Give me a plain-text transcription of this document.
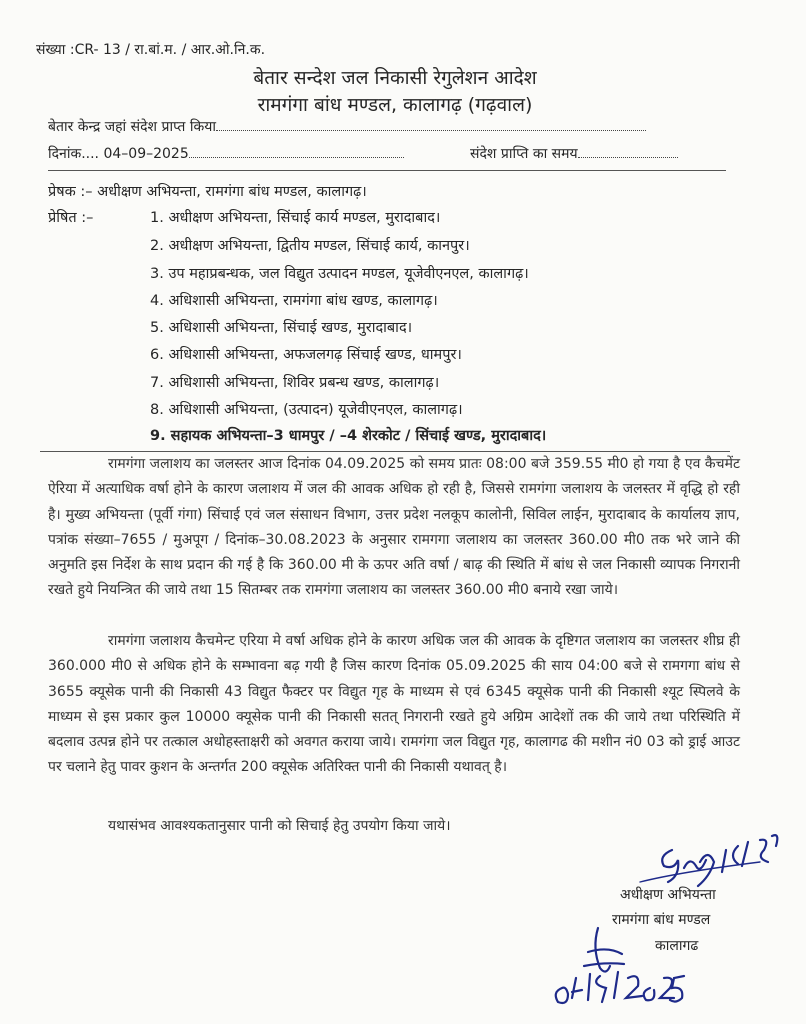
संख्या :CR- 13 / रा.बां.म. / आर.ओ.नि.क.
बेतार सन्देश जल निकासी रेगुलेशन आदेश
रामगंगा बांध मण्डल, कालागढ़ (गढ़वाल)
बेतार केन्द्र जहां संदेश प्राप्त किया
दिनांक.... 04–09–2025	संदेश प्राप्ति का समय
प्रेषक :– अधीक्षण अभियन्ता, रामगंगा बांध मण्डल, कालागढ़।
प्रेषित :–	1. अधीक्षण अभियन्ता, सिंचाई कार्य मण्डल, मुरादाबाद।
2. अधीक्षण अभियन्ता, द्वितीय मण्डल, सिंचाई कार्य, कानपुर।
3. उप महाप्रबन्धक, जल विद्युत उत्पादन मण्डल, यूजेवीएनएल, कालागढ़।
4. अधिशासी अभियन्ता, रामगंगा बांध खण्ड, कालागढ़।
5. अधिशासी अभियन्ता, सिंचाई खण्ड, मुरादाबाद।
6. अधिशासी अभियन्ता, अफजलगढ़ सिंचाई खण्ड, धामपुर।
7. अधिशासी अभियन्ता, शिविर प्रबन्ध खण्ड, कालागढ़।
8. अधिशासी अभियन्ता, (उत्पादन) यूजेवीएनएल, कालागढ़।
9. सहायक अभियन्ता–3 धामपुर / –4 शेरकोट / सिंचाई खण्ड, मुरादाबाद।
रामगंगा जलाशय का जलस्तर आज दिनांक 04.09.2025 को समय प्रातः 08:00 बजे 359.55 मी0 हो गया है एव कैचमेंट ऐरिया में अत्याधिक वर्षा होने के कारण जलाशय में जल की आवक अधिक हो रही है, जिससे रामगंगा जलाशय के जलस्तर में वृद्धि हो रही है। मुख्य अभियन्ता (पूर्वी गंगा) सिंचाई एवं जल संसाधन विभाग, उत्तर प्रदेश नलकूप कालोनी, सिविल लाईन, मुरादाबाद के कार्यालय ज्ञाप, पत्रांक संख्या–7655 / मुअपूग / दिनांक–30.08.2023 के अनुसार रामगगा जलाशय का जलस्तर 360.00 मी0 तक भरे जाने की अनुमति इस निर्देश के साथ प्रदान की गई है कि 360.00 मी के ऊपर अति वर्षा / बाढ़ की स्थिति में बांध से जल निकासी व्यापक निगरानी रखते हुये नियन्त्रित की जाये तथा 15 सितम्बर तक रामगंगा जलाशय का जलस्तर 360.00 मी0 बनाये रखा जाये।
रामगंगा जलाशय कैचमेन्ट एरिया मे वर्षा अधिक होने के कारण अधिक जल की आवक के दृष्टिगत जलाशय का जलस्तर शीघ्र ही 360.000 मी0 से अधिक होने के सम्भावना बढ़ गयी है जिस कारण दिनांक 05.09.2025 की साय 04:00 बजे से रामगगा बांध से 3655 क्यूसेक पानी की निकासी 43 विद्युत फैक्टर पर विद्युत गृह के माध्यम से एवं 6345 क्यूसेक पानी की निकासी श्यूट स्पिलवे के माध्यम से इस प्रकार कुल 10000 क्यूसेक पानी की निकासी सतत् निगरानी रखते हुये अग्रिम आदेशों तक की जाये तथा परिस्थिति में बदलाव उत्पन्न होने पर तत्काल अधोहस्ताक्षरी को अवगत कराया जाये। रामगंगा जल विद्युत गृह, कालागढ की मशीन नं0 03 को ड्राई आउट पर चलाने हेतु पावर कुशन के अन्तर्गत 200 क्यूसेक अतिरिक्त पानी की निकासी यथावत् है।
यथासंभव आवश्यकतानुसार पानी को सिचाई हेतु उपयोग किया जाये।
अधीक्षण अभियन्ता
रामगंगा बांध मण्डल
कालागढ
